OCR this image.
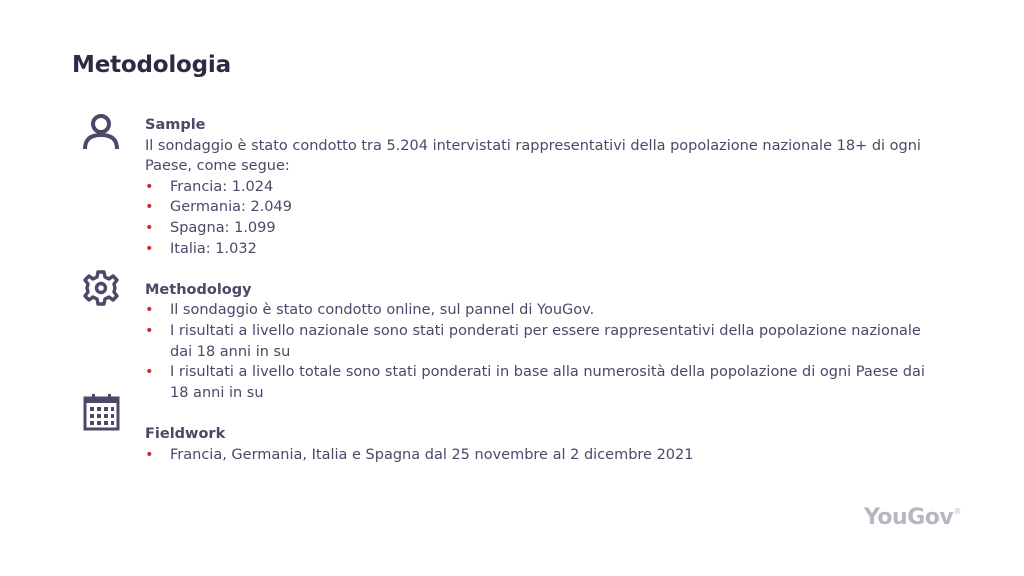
Metodologia
Sample
Il sondaggio è stato condotto tra 5.204 intervistati rappresentativi della popolazione nazionale 18+ di ogni Paese, come segue:
• Francia: 1.024
• Germania: 2.049
• Spagna: 1.099
• Italia: 1.032
Methodology
• Il sondaggio è stato condotto online, sul pannel di YouGov.
• I risultati a livello nazionale sono stati ponderati per essere rappresentativi della popolazione nazionale dai 18 anni in su
• I risultati a livello totale sono stati ponderati in base alla numerosità della popolazione di ogni Paese dai 18 anni in su
Fieldwork
• Francia, Germania, Italia e Spagna dal 25 novembre al 2 dicembre 2021
YouGov®
